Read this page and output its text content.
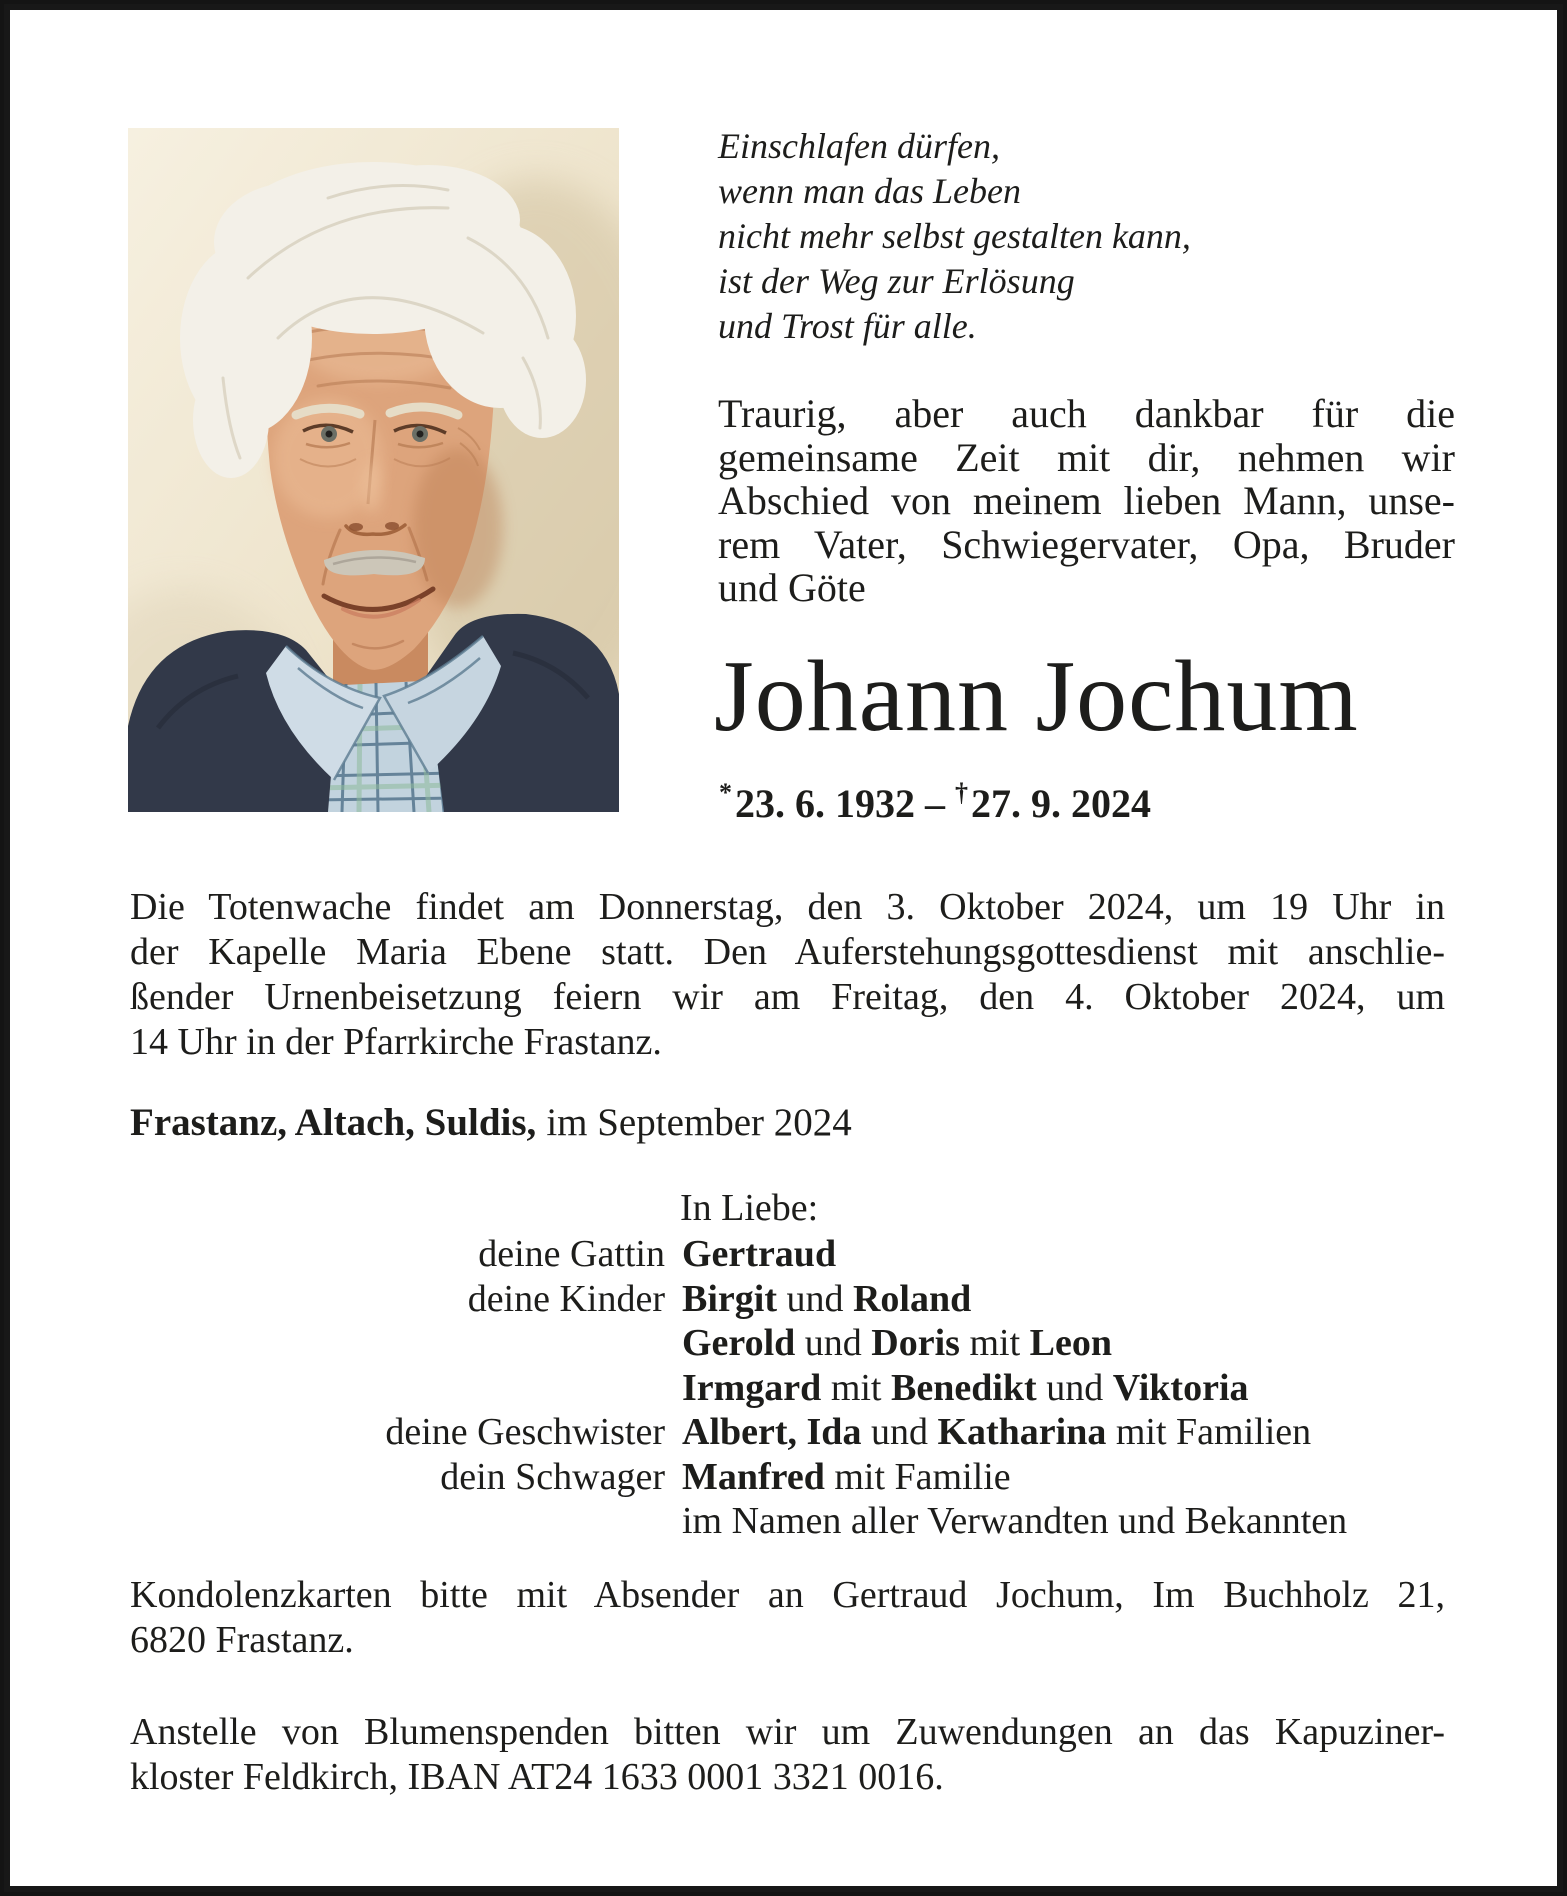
Einschlafen dürfen,
wenn man das Leben
nicht mehr selbst gestalten kann,
ist der Weg zur Erlösung
und Trost für alle.
Traurig, aber auch dankbar für die
gemeinsame Zeit mit dir, nehmen wir
Abschied von meinem lieben Mann, unse-
rem Vater, Schwiegervater, Opa, Bruder
und Göte
Johann Jochum
*23. 6. 1932 – †27. 9. 2024
Die Totenwache findet am Donnerstag, den 3. Oktober 2024, um 19 Uhr in
der Kapelle Maria Ebene statt. Den Auferstehungsgottesdienst mit anschlie-
ßender Urnenbeisetzung feiern wir am Freitag, den 4. Oktober 2024, um
14 Uhr in der Pfarrkirche Frastanz.
Frastanz, Altach, Suldis, im September 2024
In Liebe:
deine Gattin Gertraud
deine Kinder Birgit und Roland
Gerold und Doris mit Leon
Irmgard mit Benedikt und Viktoria
deine Geschwister Albert, Ida und Katharina mit Familien
dein Schwager Manfred mit Familie
im Namen aller Verwandten und Bekannten
Kondolenzkarten bitte mit Absender an Gertraud Jochum, Im Buchholz 21,
6820 Frastanz.
Anstelle von Blumenspenden bitten wir um Zuwendungen an das Kapuziner-
kloster Feldkirch, IBAN AT24 1633 0001 3321 0016.
